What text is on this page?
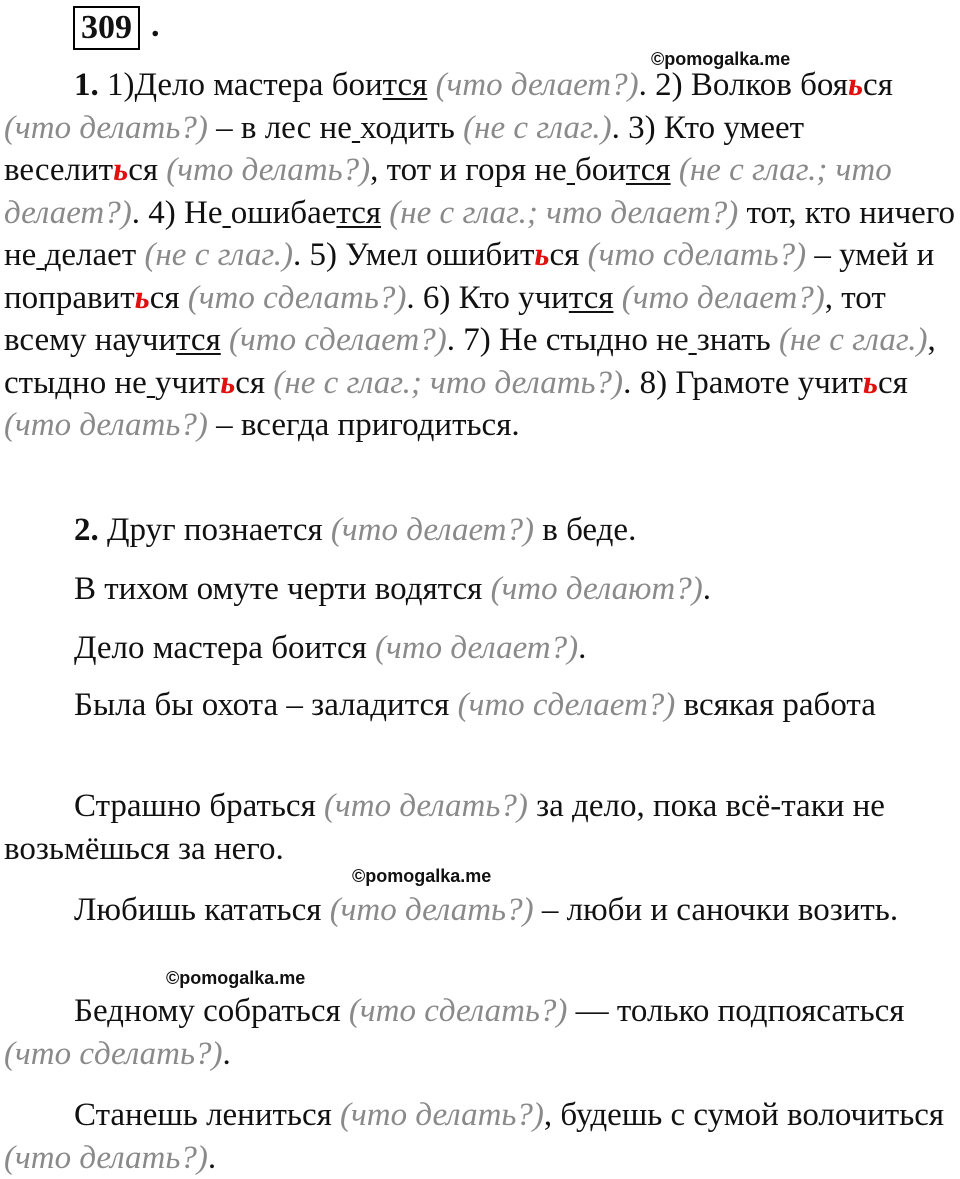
309 .
©pomogalka.me
©pomogalka.me
©pomogalka.me

1. 1)Дело мастера боится (что делает?). 2) Волков бояься (что делать?) – в лес не ходить (не с глаг.). 3) Кто умеет веселиться (что делать?), тот и горя не боится (не с глаг.; что делает?). 4) Не ошибается (не с глаг.; что делает?) тот, кто ничего не делает (не с глаг.). 5) Умел ошибиться (что сделать?) – умей и поправиться (что сделать?). 6) Кто учится (что делает?), тот всему научится (что сделает?). 7) Не стыдно не знать (не с глаг.), стыдно не учиться (не с глаг.; что делать?). 8) Грамоте учиться (что делать?) – всегда пригодиться.

2. Друг познается (что делает?) в беде.

В тихом омуте черти водятся (что делают?).

Дело мастера боится (что делает?).

Была бы охота – заладится (что сделает?) всякая работа

Страшно браться (что делать?) за дело, пока всё-таки не возьмёшься за него.

Любишь кататься (что делать?) – люби и саночки возить.

Бедному собраться (что сделать?) — только подпоясаться (что сделать?).

Станешь лениться (что делать?), будешь с сумой волочиться (что делать?).
